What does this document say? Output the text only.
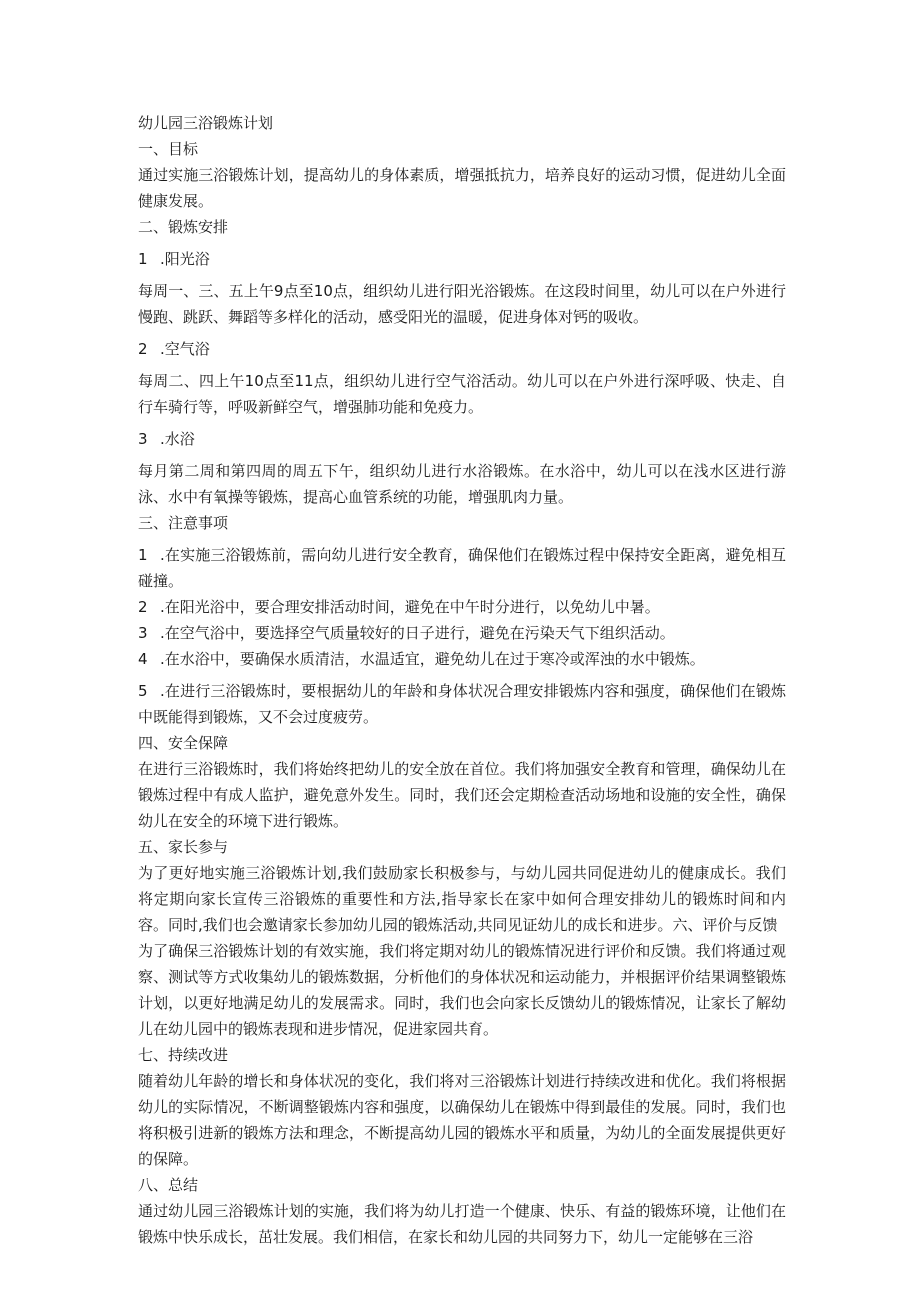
幼儿园三浴锻炼计划

一、目标

通过实施三浴锻炼计划，提高幼儿的身体素质，增强抵抗力，培养良好的运动习惯，促进幼儿全面健康发展。

二、锻炼安排

1 .阳光浴

每周一、三、五上午9点至10点，组织幼儿进行阳光浴锻炼。在这段时间里，幼儿可以在户外进行慢跑、跳跃、舞蹈等多样化的活动，感受阳光的温暖，促进身体对钙的吸收。

2 .空气浴

每周二、四上午10点至11点，组织幼儿进行空气浴活动。幼儿可以在户外进行深呼吸、快走、自行车骑行等，呼吸新鲜空气，增强肺功能和免疫力。

3 .水浴

每月第二周和第四周的周五下午，组织幼儿进行水浴锻炼。在水浴中，幼儿可以在浅水区进行游泳、水中有氧操等锻炼，提高心血管系统的功能，增强肌肉力量。

三、注意事项

1 .在实施三浴锻炼前，需向幼儿进行安全教育，确保他们在锻炼过程中保持安全距离，避免相互碰撞。

2 .在阳光浴中，要合理安排活动时间，避免在中午时分进行，以免幼儿中暑。

3 .在空气浴中，要选择空气质量较好的日子进行，避免在污染天气下组织活动。

4 .在水浴中，要确保水质清洁，水温适宜，避免幼儿在过于寒冷或浑浊的水中锻炼。

5 .在进行三浴锻炼时，要根据幼儿的年龄和身体状况合理安排锻炼内容和强度，确保他们在锻炼中既能得到锻炼，又不会过度疲劳。

四、安全保障

在进行三浴锻炼时，我们将始终把幼儿的安全放在首位。我们将加强安全教育和管理，确保幼儿在锻炼过程中有成人监护，避免意外发生。同时，我们还会定期检查活动场地和设施的安全性，确保幼儿在安全的环境下进行锻炼。

五、家长参与

为了更好地实施三浴锻炼计划,我们鼓励家长积极参与，与幼儿园共同促进幼儿的健康成长。我们将定期向家长宣传三浴锻炼的重要性和方法,指导家长在家中如何合理安排幼儿的锻炼时间和内容。同时,我们也会邀请家长参加幼儿园的锻炼活动,共同见证幼儿的成长和进步。六、评价与反馈

为了确保三浴锻炼计划的有效实施，我们将定期对幼儿的锻炼情况进行评价和反馈。我们将通过观察、测试等方式收集幼儿的锻炼数据，分析他们的身体状况和运动能力，并根据评价结果调整锻炼计划，以更好地满足幼儿的发展需求。同时，我们也会向家长反馈幼儿的锻炼情况，让家长了解幼儿在幼儿园中的锻炼表现和进步情况，促进家园共育。

七、持续改进

随着幼儿年龄的增长和身体状况的变化，我们将对三浴锻炼计划进行持续改进和优化。我们将根据幼儿的实际情况，不断调整锻炼内容和强度，以确保幼儿在锻炼中得到最佳的发展。同时，我们也将积极引进新的锻炼方法和理念，不断提高幼儿园的锻炼水平和质量，为幼儿的全面发展提供更好的保障。

八、总结

通过幼儿园三浴锻炼计划的实施，我们将为幼儿打造一个健康、快乐、有益的锻炼环境，让他们在锻炼中快乐成长，茁壮发展。我们相信，在家长和幼儿园的共同努力下，幼儿一定能够在三浴
